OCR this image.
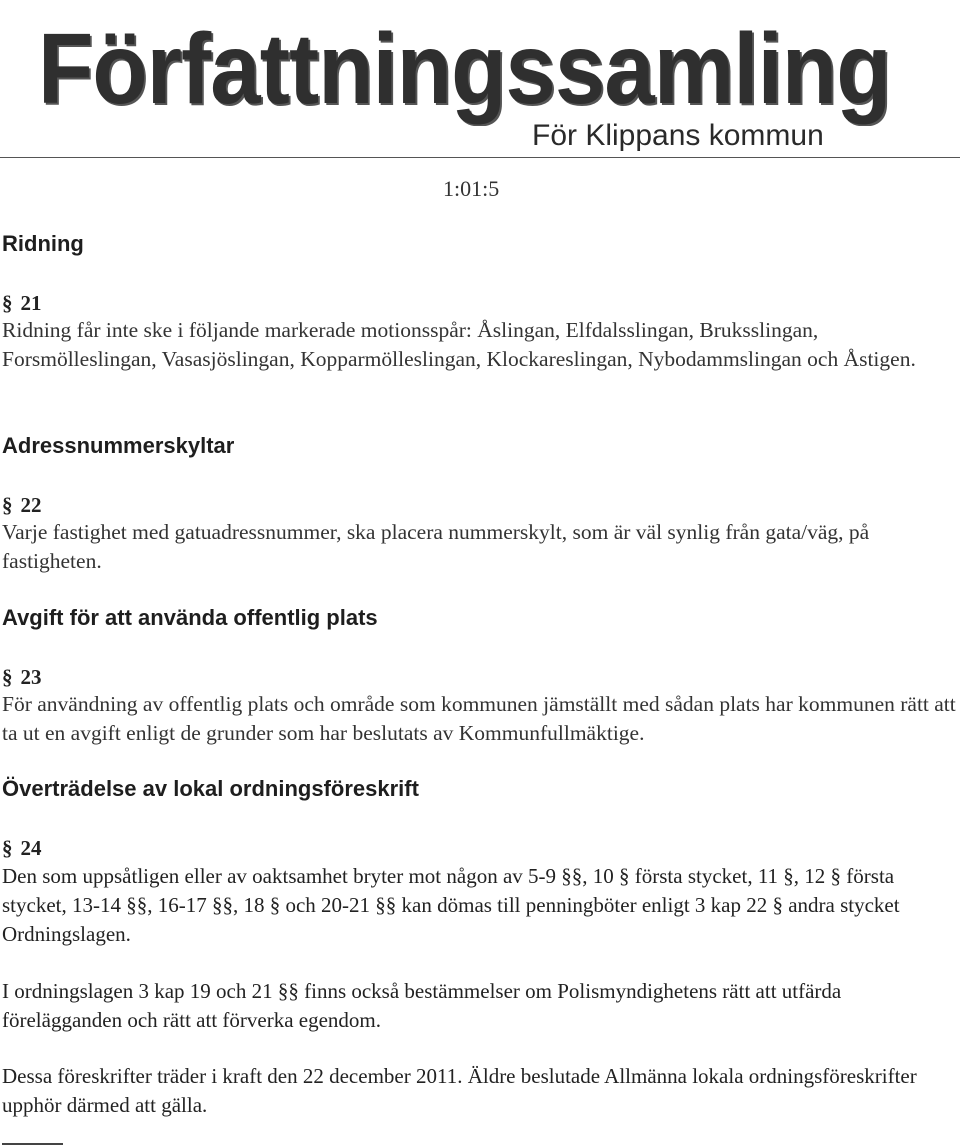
Författningssamling
För Klippans kommun
1:01:5
Ridning
§ 21
Ridning får inte ske i följande markerade motionsspår: Åslingan, Elfdalsslingan, Bruksslingan, Forsmölleslingan, Vasasjöslingan, Kopparmölleslingan, Klockareslingan, Nybodammslingan och Åstigen.
Adressnummerskyltar
§ 22
Varje fastighet med gatuadressnummer, ska placera nummerskylt, som är väl synlig från gata/väg, på fastigheten.
Avgift för att använda offentlig plats
§ 23
För användning av offentlig plats och område som kommunen jämställt med sådan plats har kommunen rätt att ta ut en avgift enligt de grunder som har beslutats av Kommunfullmäktige.
Överträdelse av lokal ordningsföreskrift
§ 24
Den som uppsåtligen eller av oaktsamhet bryter mot någon av 5-9 §§, 10 § första stycket, 11 §, 12 § första stycket, 13-14 §§, 16-17 §§, 18 § och 20-21 §§ kan dömas till penningböter enligt 3 kap 22 § andra stycket Ordningslagen.
I ordningslagen 3 kap 19 och 21 §§ finns också bestämmelser om Polismyndighetens rätt att utfärda förelägganden och rätt att förverka egendom.
Dessa föreskrifter träder i kraft den 22 december 2011. Äldre beslutade Allmänna lokala ordningsföreskrifter upphör därmed att gälla.
